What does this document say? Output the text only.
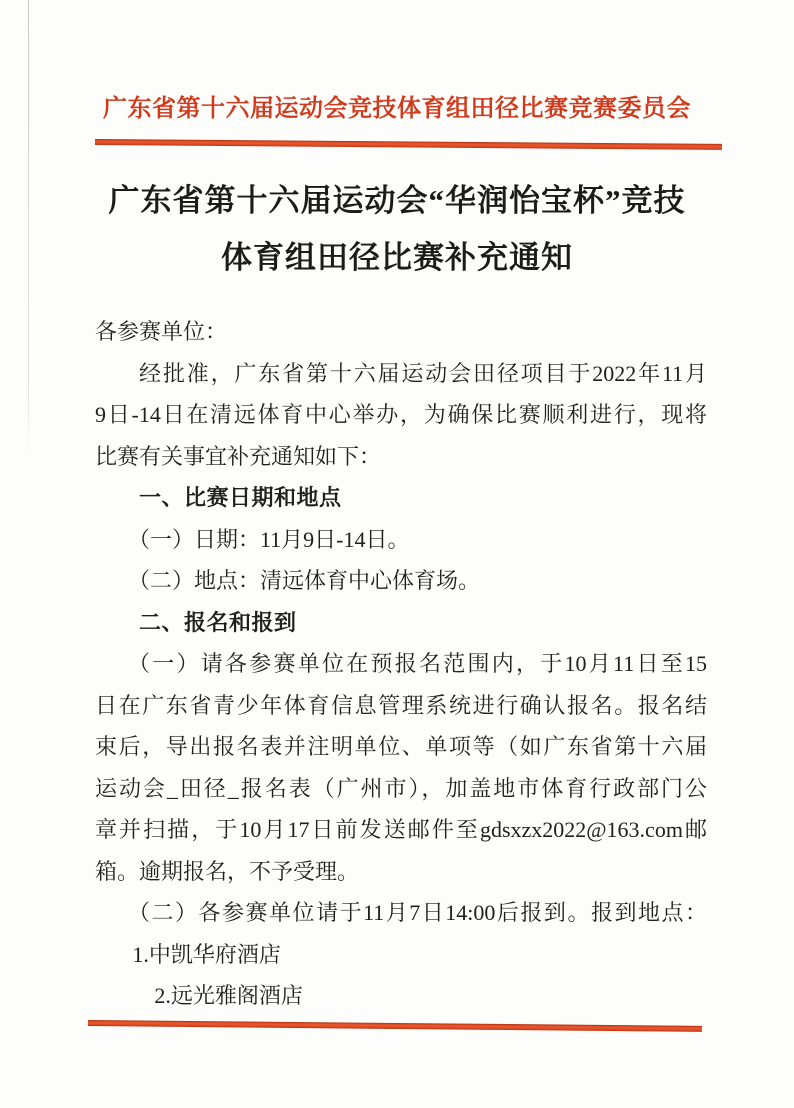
广东省第十六届运动会竞技体育组田径比赛竞赛委员会
广东省第十六届运动会“华润怡宝杯”竞技
体育组田径比赛补充通知
各参赛单位：
经批准，广东省第十六届运动会田径项目于2022年11月
9日-14日在清远体育中心举办，为确保比赛顺利进行，现将
比赛有关事宜补充通知如下：
一、比赛日期和地点
（一）日期：11月9日-14日。
（二）地点：清远体育中心体育场。
二、报名和报到
（一）请各参赛单位在预报名范围内，于10月11日至15
日在广东省青少年体育信息管理系统进行确认报名。报名结
束后，导出报名表并注明单位、单项等（如广东省第十六届
运动会_田径_报名表（广州市），加盖地市体育行政部门公
章并扫描，于10月17日前发送邮件至gdsxzx2022@163.com邮
箱。逾期报名，不予受理。
（二）各参赛单位请于11月7日14:00后报到。报到地点：
1.中凯华府酒店
2.远光雅阁酒店
